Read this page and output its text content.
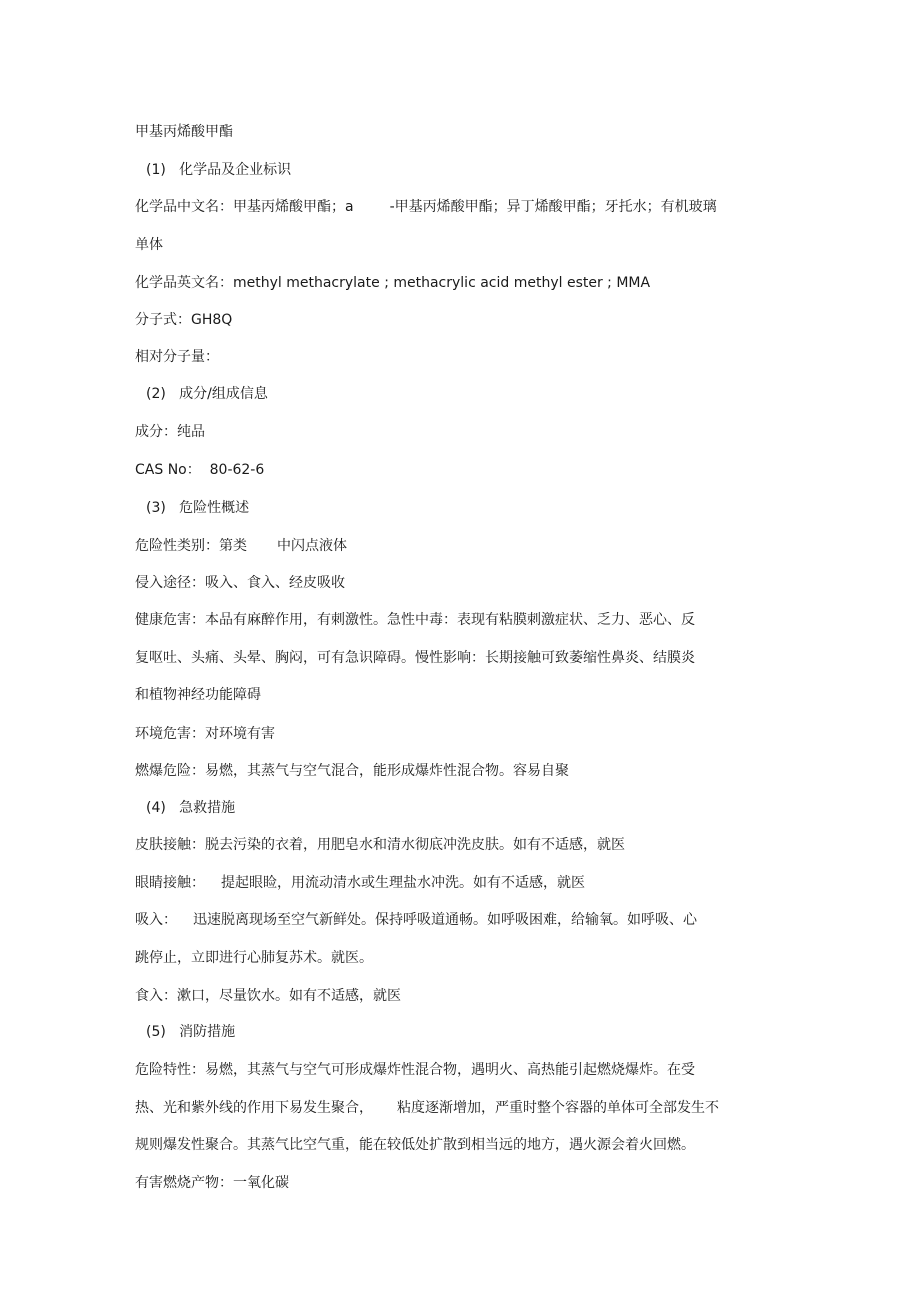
甲基丙烯酸甲酯
(1)   化学品及企业标识
化学品中文名：甲基丙烯酸甲酯；a	-甲基丙烯酸甲酯；异丁烯酸甲酯；牙托水；有机玻璃
单体
化学品英文名：methyl methacrylate ; methacrylic acid methyl ester ; MMA
分子式：GH8Q
相对分子量：
(2)   成分/组成信息
成分：纯品
CAS No：  80-62-6
(3)   危险性概述
危险性类别：第类 中闪点液体
侵入途径：吸入、食入、经皮吸收
健康危害：本品有麻醉作用，有刺激性。急性中毒：表现有粘膜刺激症状、乏力、恶心、反
复呕吐、头痛、头晕、胸闷，可有急识障碍。慢性影响：长期接触可致萎缩性鼻炎、结膜炎
和植物神经功能障碍
环境危害：对环境有害
燃爆危险：易燃，其蒸气与空气混合，能形成爆炸性混合物。容易自聚
(4)   急救措施
皮肤接触：脱去污染的衣着，用肥皂水和清水彻底冲洗皮肤。如有不适感，就医
眼睛接触： 提起眼睑，用流动清水或生理盐水冲洗。如有不适感，就医
吸入： 迅速脱离现场至空气新鲜处。保持呼吸道通畅。如呼吸困难，给输氧。如呼吸、心
跳停止，立即进行心肺复苏术。就医。
食入：漱口，尽量饮水。如有不适感，就医
(5)   消防措施
危险特性：易燃，其蒸气与空气可形成爆炸性混合物，遇明火、高热能引起燃烧爆炸。在受
热、光和紫外线的作用下易发生聚合， 粘度逐渐增加，严重时整个容器的单体可全部发生不
规则爆发性聚合。其蒸气比空气重，能在较低处扩散到相当远的地方，遇火源会着火回燃。
有害燃烧产物：一氧化碳
